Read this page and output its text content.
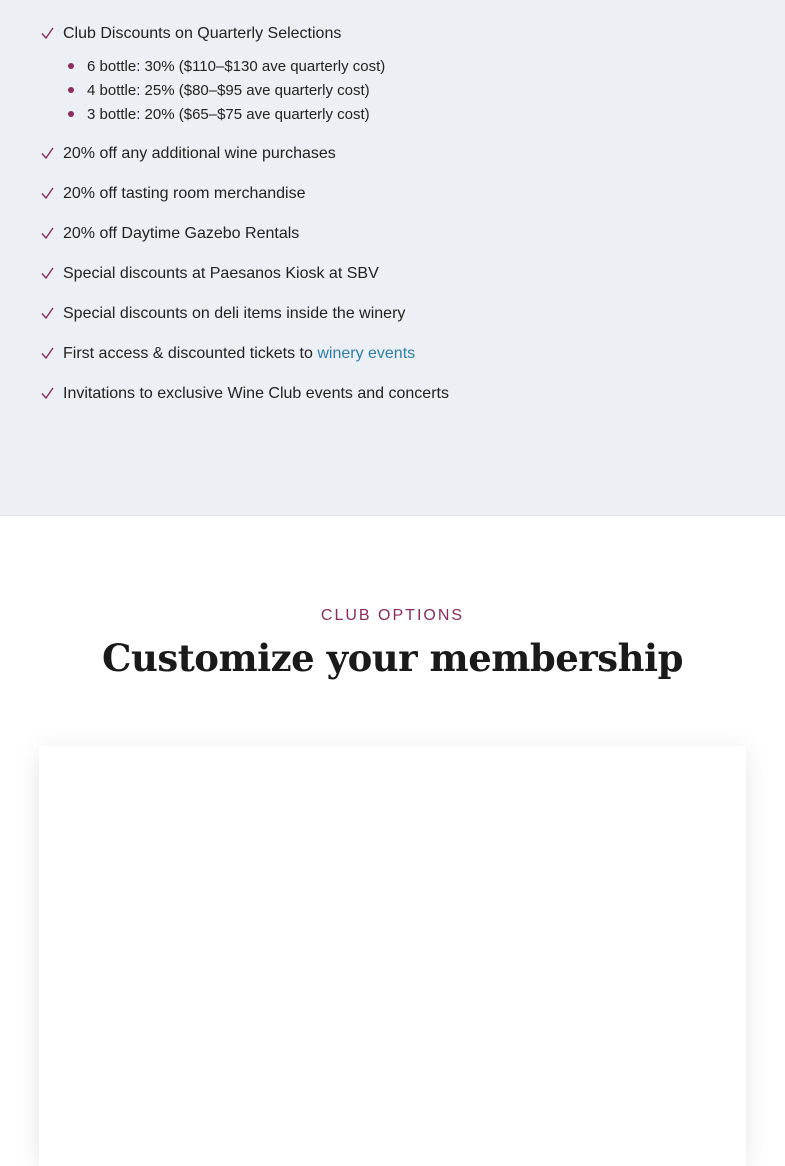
Club Discounts on Quarterly Selections
6 bottle: 30% ($110–$130 ave quarterly cost)
4 bottle: 25% ($80–$95 ave quarterly cost)
3 bottle: 20% ($65–$75 ave quarterly cost)
20% off any additional wine purchases
20% off tasting room merchandise
20% off Daytime Gazebo Rentals
Special discounts at Paesanos Kiosk at SBV
Special discounts on deli items inside the winery
First access & discounted tickets to winery events
Invitations to exclusive Wine Club events and concerts
CLUB OPTIONS
Customize your membership
